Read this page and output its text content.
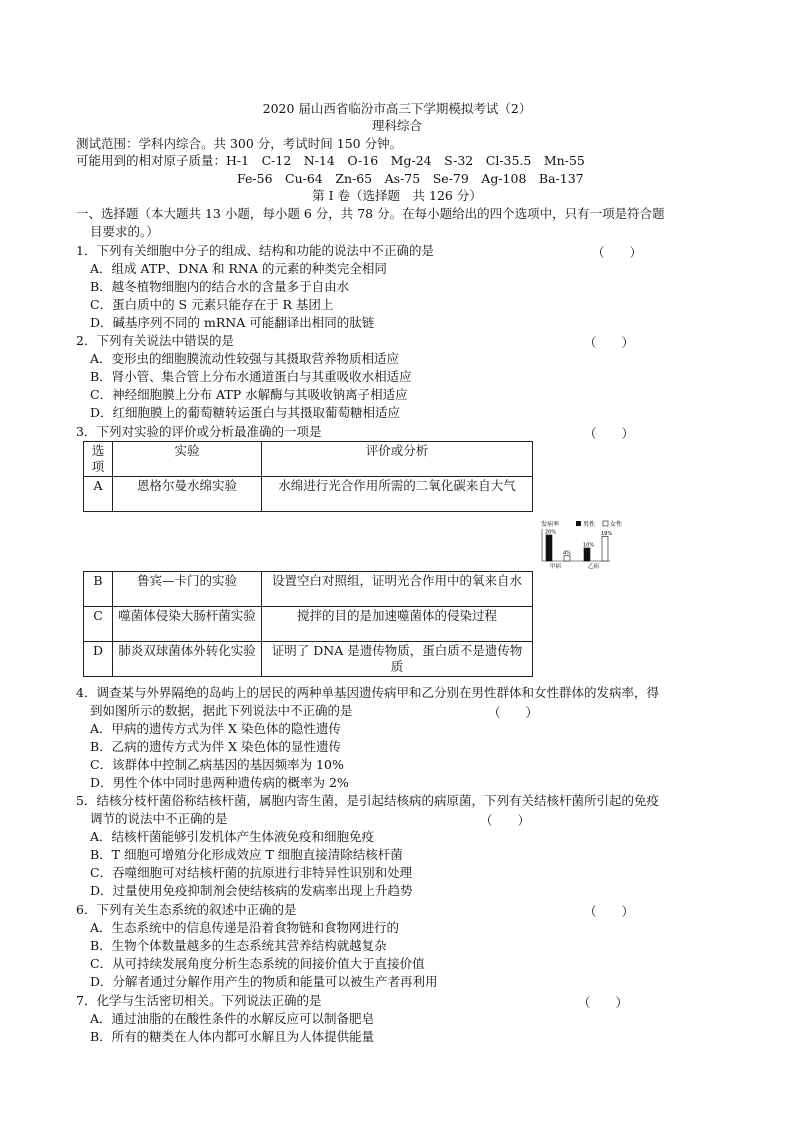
2020 届山西省临汾市高三下学期模拟考试（2）
理科综合
测试范围：学科内综合。共 300 分，考试时间 150 分钟。
可能用到的相对原子质量：H-1　C-12　N-14　O-16　Mg-24　S-32　Cl-35.5　Mn-55
Fe-56　Cu-64　Zn-65　As-75　Se-79　Ag-108　Ba-137
第 I 卷（选择题　共 126 分）
一、选择题（本大题共 13 小题，每小题 6 分，共 78 分。在每小题给出的四个选项中，只有一项是符合题
目要求的。）
1．下列有关细胞中分子的组成、结构和功能的说法中不正确的是	（　　）
A．组成 ATP、DNA 和 RNA 的元素的种类完全相同
B．越冬植物细胞内的结合水的含量多于自由水
C．蛋白质中的 S 元素只能存在于 R 基团上
D．碱基序列不同的 mRNA 可能翻译出相同的肽链
2．下列有关说法中错误的是	（　　）
A．变形虫的细胞膜流动性较强与其摄取营养物质相适应
B．肾小管、集合管上分布水通道蛋白与其重吸收水相适应
C．神经细胞膜上分布 ATP 水解酶与其吸收钠离子相适应
D．红细胞膜上的葡萄糖转运蛋白与其摄取葡萄糖相适应
3．下列对实验的评价或分析最准确的一项是	（　　）
选项	实验	评价或分析
A	恩格尔曼水绵实验	水绵进行光合作用所需的二氧化碳来自大气
发病率	男性 女性
20%
4%
甲病
10%
19%
乙病
B	鲁宾—卡门的实验	设置空白对照组，证明光合作用中的氧来自水
C	噬菌体侵染大肠杆菌实验	搅拌的目的是加速噬菌体的侵染过程
D	肺炎双球菌体外转化实验	证明了 DNA 是遗传物质，蛋白质不是遗传物质
4．调查某与外界隔绝的岛屿上的居民的两种单基因遗传病甲和乙分别在男性群体和女性群体的发病率，得
到如图所示的数据，据此下列说法中不正确的是	（　　）
A．甲病的遗传方式为伴 X 染色体的隐性遗传
B．乙病的遗传方式为伴 X 染色体的显性遗传
C．该群体中控制乙病基因的基因频率为 10%
D．男性个体中同时患两种遗传病的概率为 2%
5．结核分枝杆菌俗称结核杆菌，属胞内寄生菌，是引起结核病的病原菌，下列有关结核杆菌所引起的免疫
调节的说法中不正确的是	（　　）
A．结核杆菌能够引发机体产生体液免疫和细胞免疫
B．T 细胞可增殖分化形成效应 T 细胞直接清除结核杆菌
C．吞噬细胞可对结核杆菌的抗原进行非特异性识别和处理
D．过量使用免疫抑制剂会使结核病的发病率出现上升趋势
6．下列有关生态系统的叙述中正确的是	（　　）
A．生态系统中的信息传递是沿着食物链和食物网进行的
B．生物个体数量越多的生态系统其营养结构就越复杂
C．从可持续发展角度分析生态系统的间接价值大于直接价值
D．分解者通过分解作用产生的物质和能量可以被生产者再利用
7．化学与生活密切相关。下列说法正确的是	（　　）
A．通过油脂的在酸性条件的水解反应可以制备肥皂
B．所有的糖类在人体内都可水解且为人体提供能量
